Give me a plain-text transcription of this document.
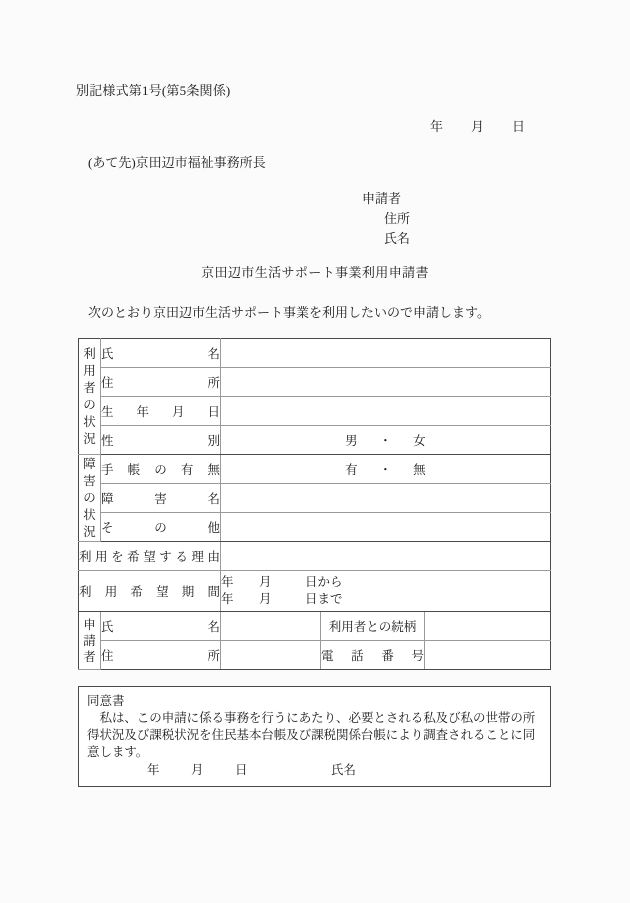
別記様式第1号(第5条関係)
年 月 日
(あて先)京田辺市福祉事務所長
申請者
住所
氏名
京田辺市生活サポート事業利用申請書
次のとおり京田辺市生活サポート事業を利用したいので申請します。
利
用
者
の
状
況
	氏名	
	住所			
	生年月日			
	性別	男 ・ 女		

障
害
の
状
況	手帳の有無	有 ・ 無		
	障害名			
	その他			
利用を希望する理由				
利用希望期間		年 月 日から
年 月 日まで		

申 請 者	氏名		利用者との続柄	
	住所		電話番号	
同意書
私は、この申請に係る事務を行うにあたり、必要とされる私及び私の世帯の所得状況及び課税状況を住民基本台帳及び課税関係台帳により調査されることに同意します。
年	月	日	氏名
